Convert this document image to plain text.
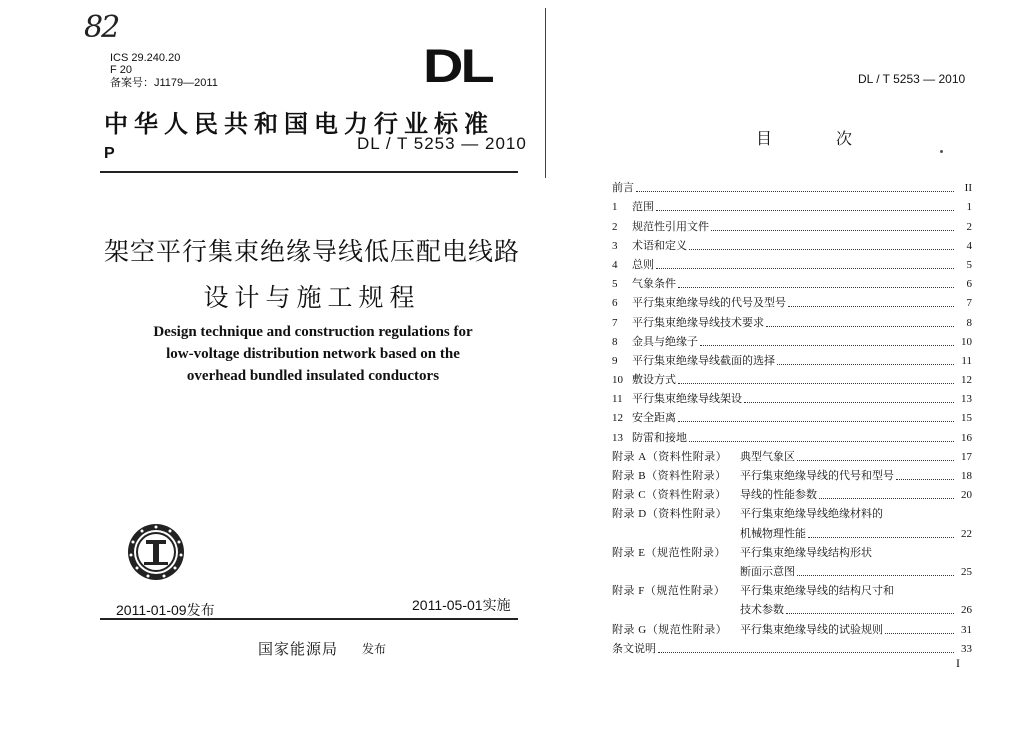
82
ICS 29.240.20
F 20
备案号：J1179—2011	DL
中华人民共和国电力行业标准
P
DL / T 5253 — 2010
架空平行集束绝缘导线低压配电线路
设计与施工规程
Design technique and construction regulations for
low-voltage distribution network based on the
overhead bundled insulated conductors
2011-01-09发布	2011-05-01实施
国家能源局 发布
DL / T 5253 — 2010
目 次
前言	II
1	范围	1
2	规范性引用文件	2
3	术语和定义	4
4	总则	5
5	气象条件	6
6	平行集束绝缘导线的代号及型号	7
7	平行集束绝缘导线技术要求	8
8	金具与绝缘子	10
9	平行集束绝缘导线截面的选择	11
10 敷设方式	12
11 平行集束绝缘导线架设	13
12 安全距离	15
13 防雷和接地	16
附录 A（资料性附录）	典型气象区	17
附录 B（资料性附录）	平行集束绝缘导线的代号和型号	18
附录 C（资料性附录）	导线的性能参数	20
附录 D（资料性附录）	平行集束绝缘导线绝缘材料的
机械物理性能	22
附录 E（规范性附录）	平行集束绝缘导线结构形状
断面示意图	25
附录 F（规范性附录）	平行集束绝缘导线的结构尺寸和
技术参数	26
附录 G（规范性附录）	平行集束绝缘导线的试验规则	31
条文说明	33
I
